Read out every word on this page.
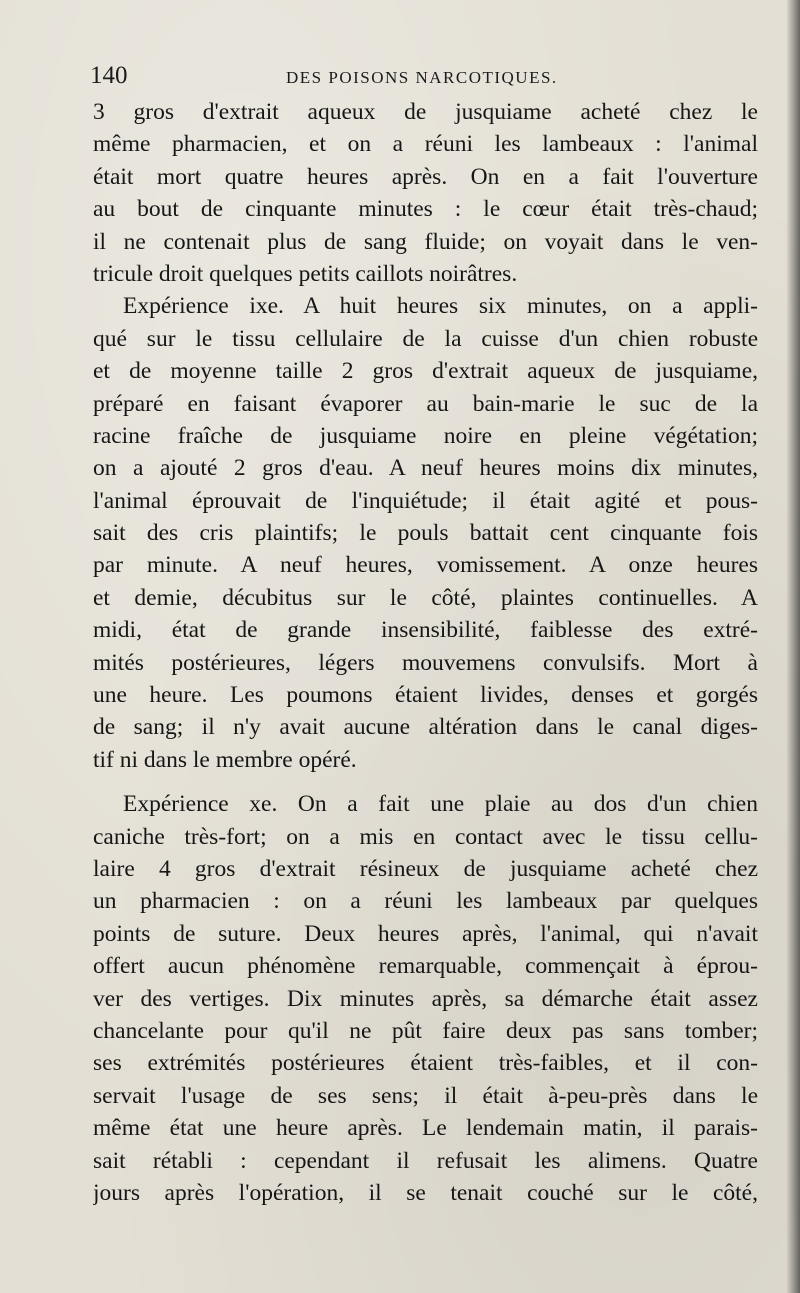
140	DES POISONS NARCOTIQUES.
3 gros d'extrait aqueux de jusquiame acheté chez le
même pharmacien, et on a réuni les lambeaux : l'animal
était mort quatre heures après. On en a fait l'ouverture
au bout de cinquante minutes : le cœur était très-chaud;
il ne contenait plus de sang fluide; on voyait dans le ven-
tricule droit quelques petits caillots noirâtres.
Expérience ixe. A huit heures six minutes, on a appli-
qué sur le tissu cellulaire de la cuisse d'un chien robuste
et de moyenne taille 2 gros d'extrait aqueux de jusquiame,
préparé en faisant évaporer au bain-marie le suc de la
racine fraîche de jusquiame noire en pleine végétation;
on a ajouté 2 gros d'eau. A neuf heures moins dix minutes,
l'animal éprouvait de l'inquiétude; il était agité et pous-
sait des cris plaintifs; le pouls battait cent cinquante fois
par minute. A neuf heures, vomissement. A onze heures
et demie, décubitus sur le côté, plaintes continuelles. A
midi, état de grande insensibilité, faiblesse des extré-
mités postérieures, légers mouvemens convulsifs. Mort à
une heure. Les poumons étaient livides, denses et gorgés
de sang; il n'y avait aucune altération dans le canal diges-
tif ni dans le membre opéré.
Expérience xe. On a fait une plaie au dos d'un chien
caniche très-fort; on a mis en contact avec le tissu cellu-
laire 4 gros d'extrait résineux de jusquiame acheté chez
un pharmacien : on a réuni les lambeaux par quelques
points de suture. Deux heures après, l'animal, qui n'avait
offert aucun phénomène remarquable, commençait à éprou-
ver des vertiges. Dix minutes après, sa démarche était assez
chancelante pour qu'il ne pût faire deux pas sans tomber;
ses extrémités postérieures étaient très-faibles, et il con-
servait l'usage de ses sens; il était à-peu-près dans le
même état une heure après. Le lendemain matin, il parais-
sait rétabli : cependant il refusait les alimens. Quatre
jours après l'opération, il se tenait couché sur le côté,
